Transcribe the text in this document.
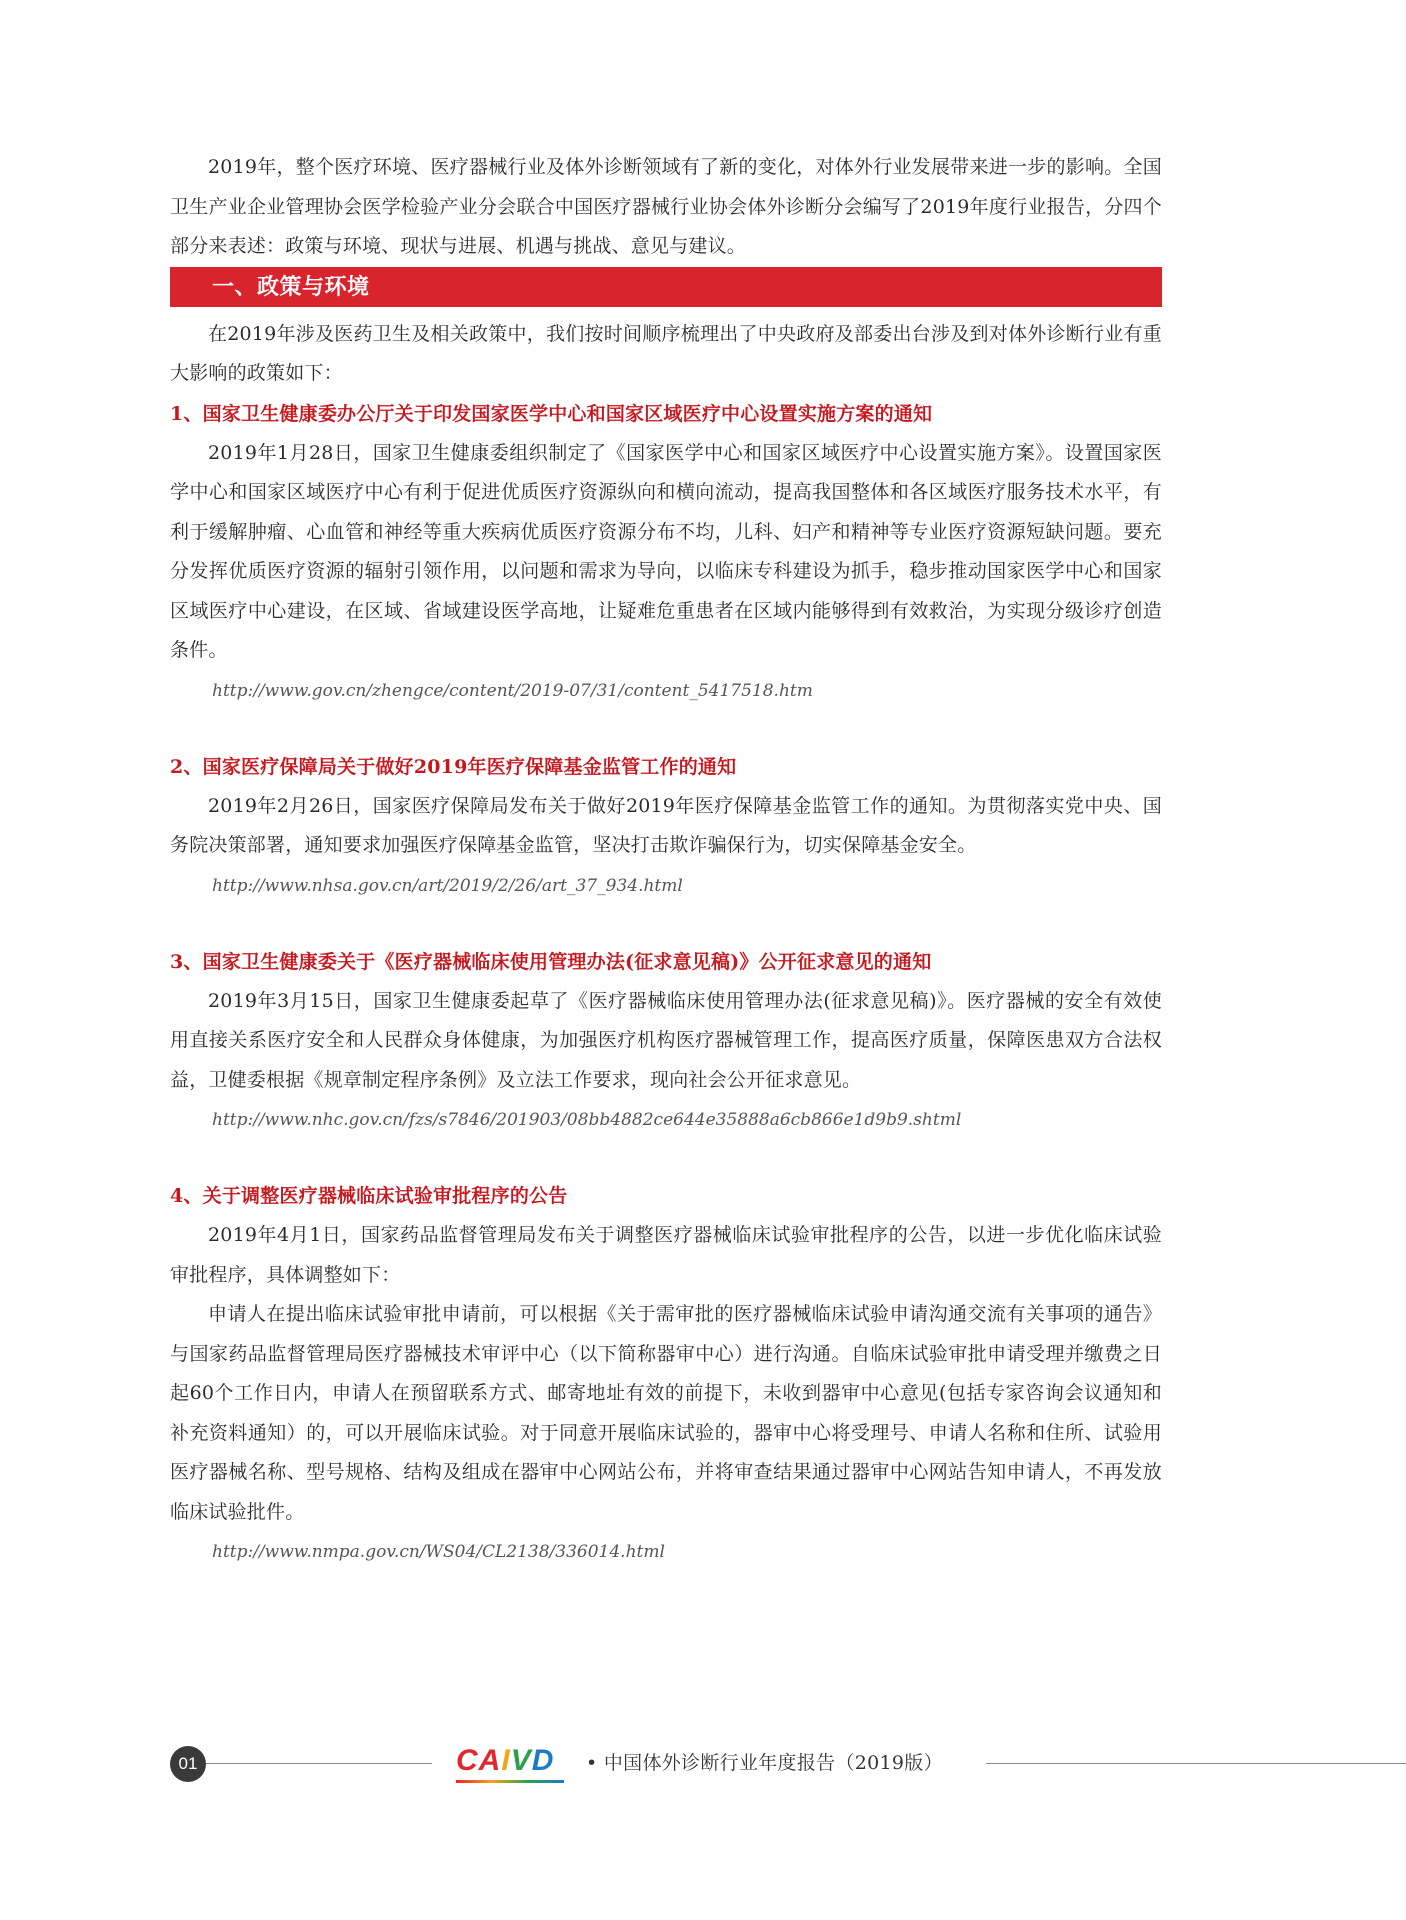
2019年，整个医疗环境、医疗器械行业及体外诊断领域有了新的变化，对体外行业发展带来进一步的影响。全国卫生产业企业管理协会医学检验产业分会联合中国医疗器械行业协会体外诊断分会编写了2019年度行业报告，分四个部分来表述：政策与环境、现状与进展、机遇与挑战、意见与建议。

一、政策与环境

在2019年涉及医药卫生及相关政策中，我们按时间顺序梳理出了中央政府及部委出台涉及到对体外诊断行业有重大影响的政策如下：

1、国家卫生健康委办公厅关于印发国家医学中心和国家区域医疗中心设置实施方案的通知

2019年1月28日，国家卫生健康委组织制定了《国家医学中心和国家区域医疗中心设置实施方案》。设置国家医学中心和国家区域医疗中心有利于促进优质医疗资源纵向和横向流动，提高我国整体和各区域医疗服务技术水平，有利于缓解肿瘤、心血管和神经等重大疾病优质医疗资源分布不均，儿科、妇产和精神等专业医疗资源短缺问题。要充分发挥优质医疗资源的辐射引领作用，以问题和需求为导向，以临床专科建设为抓手，稳步推动国家医学中心和国家区域医疗中心建设，在区域、省域建设医学高地，让疑难危重患者在区域内能够得到有效救治，为实现分级诊疗创造条件。

http://www.gov.cn/zhengce/content/2019-07/31/content_5417518.htm

2、国家医疗保障局关于做好2019年医疗保障基金监管工作的通知

2019年2月26日，国家医疗保障局发布关于做好2019年医疗保障基金监管工作的通知。为贯彻落实党中央、国务院决策部署，通知要求加强医疗保障基金监管，坚决打击欺诈骗保行为，切实保障基金安全。

http://www.nhsa.gov.cn/art/2019/2/26/art_37_934.html

3、国家卫生健康委关于《医疗器械临床使用管理办法(征求意见稿)》公开征求意见的通知

2019年3月15日，国家卫生健康委起草了《医疗器械临床使用管理办法(征求意见稿)》。医疗器械的安全有效使用直接关系医疗安全和人民群众身体健康，为加强医疗机构医疗器械管理工作，提高医疗质量，保障医患双方合法权益，卫健委根据《规章制定程序条例》及立法工作要求，现向社会公开征求意见。

http://www.nhc.gov.cn/fzs/s7846/201903/08bb4882ce644e35888a6cb866e1d9b9.shtml

4、关于调整医疗器械临床试验审批程序的公告

2019年4月1日，国家药品监督管理局发布关于调整医疗器械临床试验审批程序的公告，以进一步优化临床试验审批程序，具体调整如下：

申请人在提出临床试验审批申请前，可以根据《关于需审批的医疗器械临床试验申请沟通交流有关事项的通告》与国家药品监督管理局医疗器械技术审评中心（以下简称器审中心）进行沟通。自临床试验审批申请受理并缴费之日起60个工作日内，申请人在预留联系方式、邮寄地址有效的前提下，未收到器审中心意见(包括专家咨询会议通知和补充资料通知）的，可以开展临床试验。对于同意开展临床试验的，器审中心将受理号、申请人名称和住所、试验用医疗器械名称、型号规格、结构及组成在器审中心网站公布，并将审查结果通过器审中心网站告知申请人，不再发放临床试验批件。

http://www.nmpa.gov.cn/WS04/CL2138/336014.html

01	CAIVD • 中国体外诊断行业年度报告（2019版）
